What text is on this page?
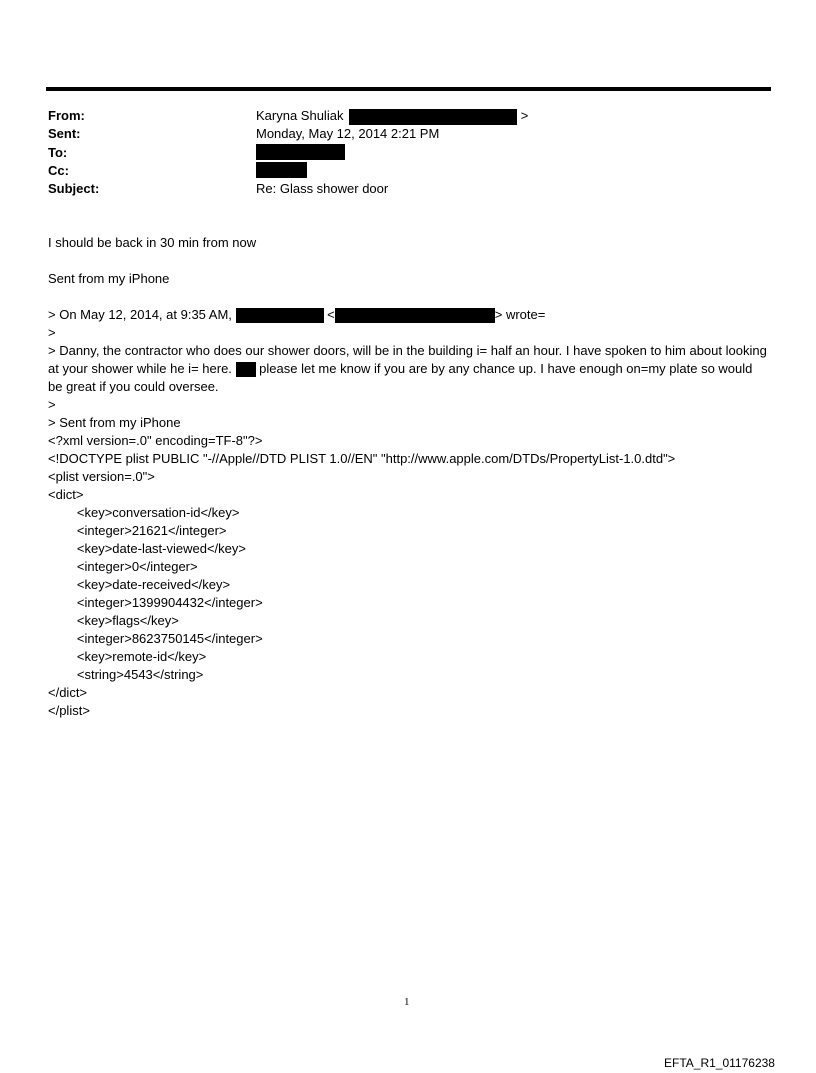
From:	Karyna Shuliak	>
Sent:	Monday, May 12, 2014 2:21 PM
To:
Cc:
Subject:	Re: Glass shower door
I should be back in 30 min from now
Sent from my iPhone
> On May 12, 2014, at 9:35 AM,	<	> wrote=
>
> Danny, the contractor who does our shower doors, will be in the building i= half an hour. I have spoken to him about looking at your shower while he i= here. please let me know if you are by any chance up. I have enough on=my plate so would be great if you could oversee.
>
> Sent from my iPhone
<?xml version=.0" encoding=TF-8"?>
<!DOCTYPE plist PUBLIC "-//Apple//DTD PLIST 1.0//EN" "http://www.apple.com/DTDs/PropertyList-1.0.dtd">
<plist version=.0">
<dict>
<key>conversation-id</key>
<integer>21621</integer>
<key>date-last-viewed</key>
<integer>0</integer>
<key>date-received</key>
<integer>1399904432</integer>
<key>flags</key>
<integer>8623750145</integer>
<key>remote-id</key>
<string>4543</string>
</dict>
</plist>
1
EFTA_R1_01176238
